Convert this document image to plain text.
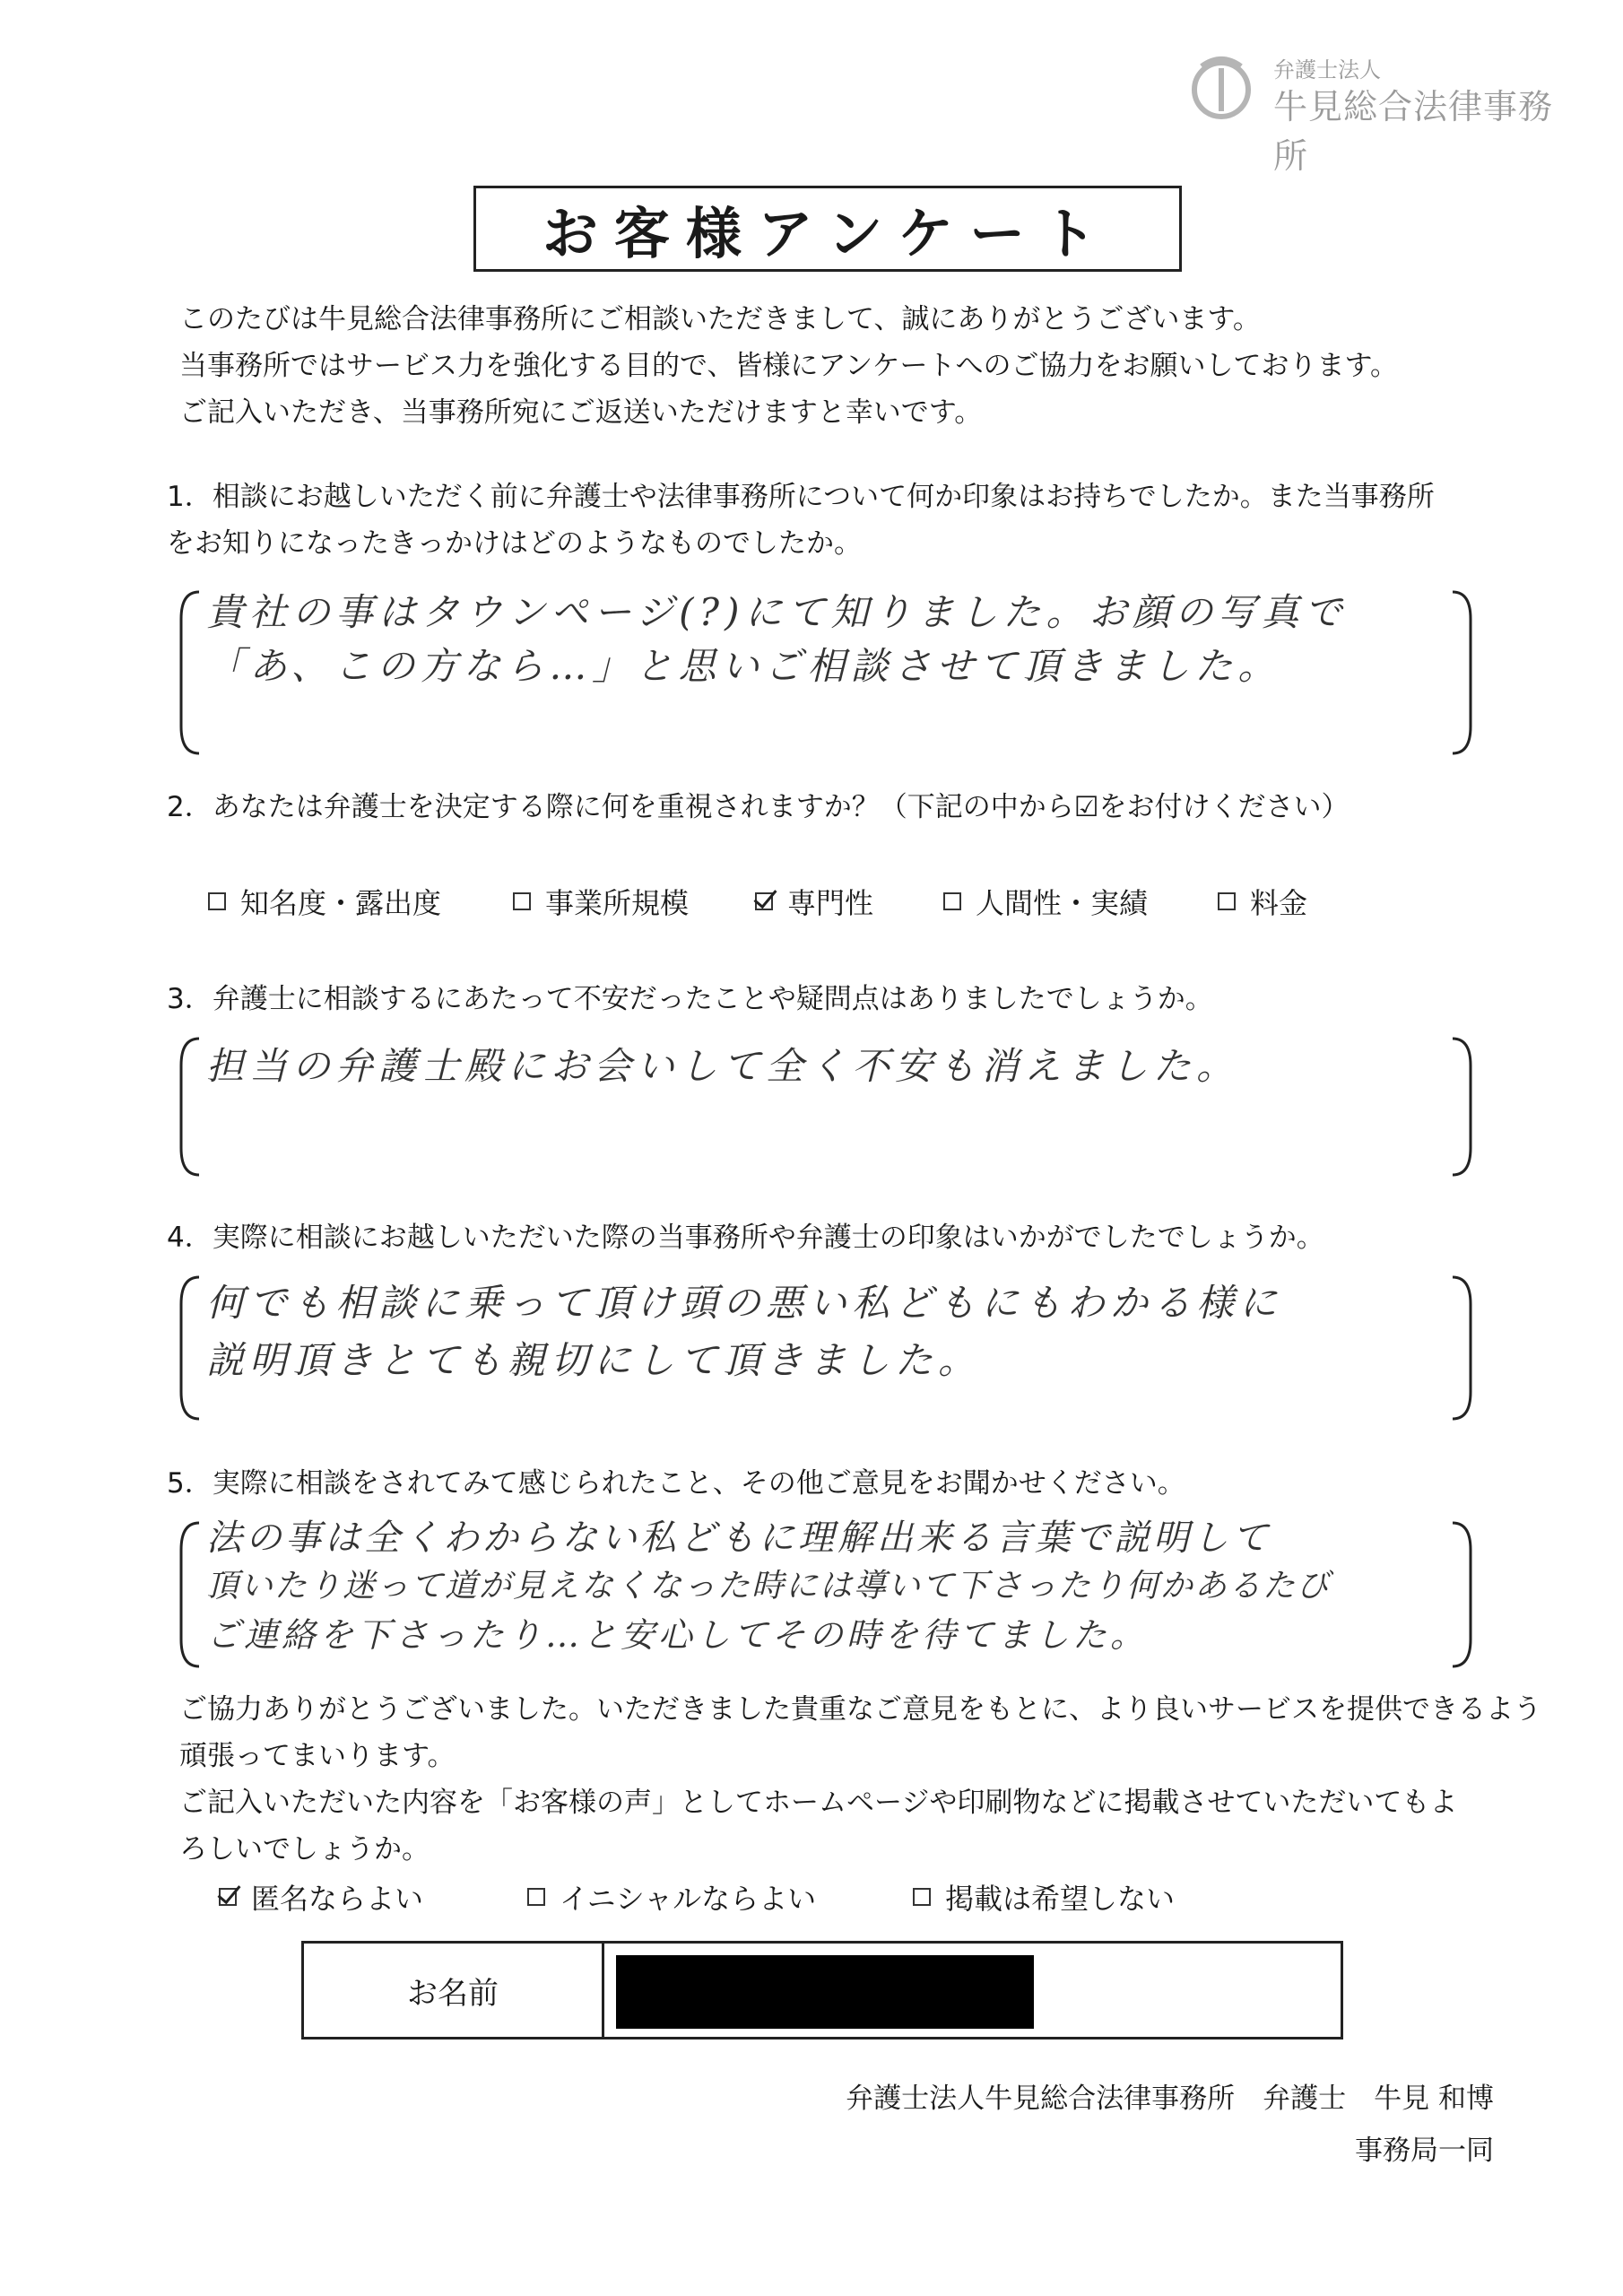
弁護士法人
牛見総合法律事務所
お客様アンケート
このたびは牛見総合法律事務所にご相談いただきまして、誠にありがとうございます。
当事務所ではサービス力を強化する目的で、皆様にアンケートへのご協力をお願いしております。
ご記入いただき、当事務所宛にご返送いただけますと幸いです。
1．相談にお越しいただく前に弁護士や法律事務所について何か印象はお持ちでしたか。また当事務所
をお知りになったきっかけはどのようなものでしたか。
貴社の事はタウンページ(?)にて知りました。お顔の写真で
「あ、この方なら…」と思いご相談させて頂きました。
2．あなたは弁護士を決定する際に何を重視されますか？（下記の中から☑をお付けください）
知名度・露出度	事業所規模	専門性	人間性・実績	料金
3．弁護士に相談するにあたって不安だったことや疑問点はありましたでしょうか。
担当の弁護士殿にお会いして全く不安も消えました。
4．実際に相談にお越しいただいた際の当事務所や弁護士の印象はいかがでしたでしょうか。
何でも相談に乗って頂け頭の悪い私どもにもわかる様に
説明頂きとても親切にして頂きました。
5．実際に相談をされてみて感じられたこと、その他ご意見をお聞かせください。
法の事は全くわからない私どもに理解出来る言葉で説明して
頂いたり迷って道が見えなくなった時には導いて下さったり何かあるたび
ご連絡を下さったり…と安心してその時を待てました。
ご協力ありがとうございました。いただきました貴重なご意見をもとに、より良いサービスを提供できるよう
頑張ってまいります。
ご記入いただいた内容を「お客様の声」としてホームページや印刷物などに掲載させていただいてもよ
ろしいでしょうか。
匿名ならよい	イニシャルならよい	掲載は希望しない
お名前
弁護士法人牛見総合法律事務所　弁護士　牛見 和博
事務局一同
